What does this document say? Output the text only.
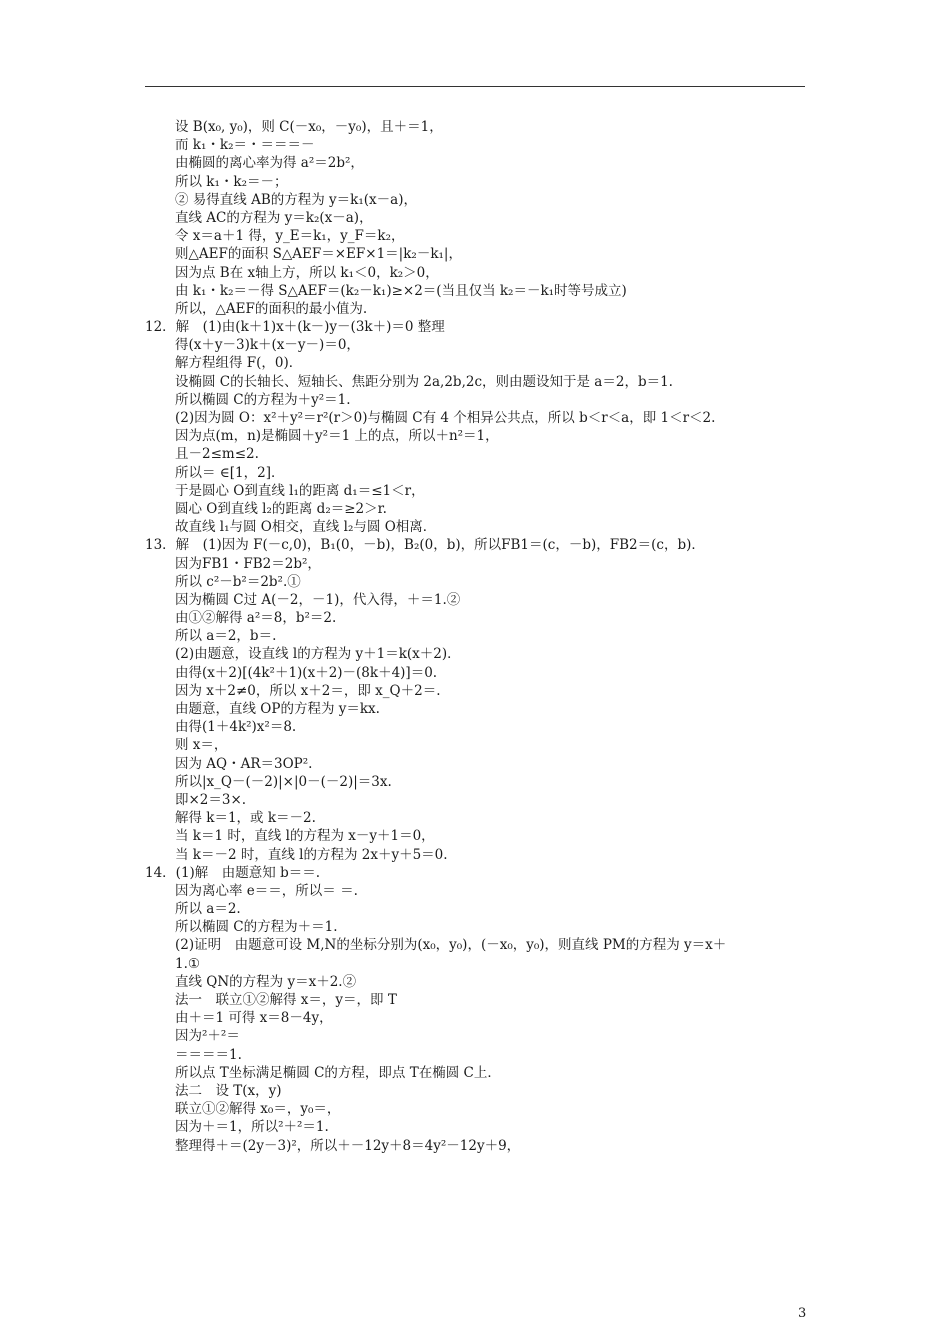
设 B(x₀, y₀)，则 C(－x₀，－y₀)，且＋＝1，
而 k₁・k₂＝・＝＝＝－
由椭圆的离心率为得 a²＝2b²，
所以 k₁・k₂＝－；
② 易得直线 AB的方程为 y＝k₁(x－a)，
直线 AC的方程为 y＝k₂(x－a)，
令 x＝a＋1 得，y_E＝k₁，y_F＝k₂，
则△AEF的面积 S△AEF＝×EF×1＝|k₂－k₁|，
因为点 B在 x轴上方，所以 k₁＜0，k₂＞0，
由 k₁・k₂＝－得 S△AEF＝(k₂－k₁)≥×2＝(当且仅当 k₂＝－k₁时等号成立)
所以，△AEF的面积的最小值为.
12．解　(1)由(k＋1)x＋(k－)y－(3k＋)＝0 整理
得(x＋y－3)k＋(x－y－)＝0，
解方程组得 F(，0)．
设椭圆 C的长轴长、短轴长、焦距分别为 2a,2b,2c，则由题设知于是 a＝2，b＝1.
所以椭圆 C的方程为＋y²＝1.
(2)因为圆 O：x²＋y²＝r²(r＞0)与椭圆 C有 4 个相异公共点，所以 b＜r＜a，即 1＜r＜2.
因为点(m，n)是椭圆＋y²＝1 上的点，所以＋n²＝1，
且－2≤m≤2.
所以＝ ∈[1，2]．
于是圆心 O到直线 l₁的距离 d₁＝≤1＜r，
圆心 O到直线 l₂的距离 d₂＝≥2＞r.
故直线 l₁与圆 O相交，直线 l₂与圆 O相离．
13．解　(1)因为 F(－c,0)，B₁(0，－b)，B₂(0，b)，所以FB1＝(c，－b)，FB2＝(c，b)．
因为FB1・FB2＝2b²，
所以 c²－b²＝2b².①
因为椭圆 C过 A(－2，－1)，代入得，＋＝1.②
由①②解得 a²＝8，b²＝2.
所以 a＝2，b＝.
(2)由题意，设直线 l的方程为 y＋1＝k(x＋2)．
由得(x＋2)[(4k²＋1)(x＋2)－(8k＋4)]＝0.
因为 x＋2≠0，所以 x＋2＝，即 x_Q＋2＝.
由题意，直线 OP的方程为 y＝kx.
由得(1＋4k²)x²＝8.
则 x＝，
因为 AQ・AR＝3OP².
所以|x_Q－(－2)|×|0－(－2)|＝3x.
即×2＝3×.
解得 k＝1，或 k＝－2.
当 k＝1 时，直线 l的方程为 x－y＋1＝0，
当 k＝－2 时，直线 l的方程为 2x＋y＋5＝0.
14．(1)解　由题意知 b＝＝.
因为离心率 e＝＝，所以＝ ＝.
所以 a＝2.
所以椭圆 C的方程为＋＝1.
(2)证明　由题意可设 M,N的坐标分别为(x₀，y₀)，(－x₀，y₀)，则直线 PM的方程为 y＝x＋
1.①
直线 QN的方程为 y＝x＋2.②
法一　联立①②解得 x＝，y＝，即 T
由＋＝1 可得 x＝8－4y，
因为²＋²＝
＝＝＝＝1.
所以点 T坐标满足椭圆 C的方程，即点 T在椭圆 C上．
法二　设 T(x，y)
联立①②解得 x₀＝，y₀＝，
因为＋＝1，所以²＋²＝1.
整理得＋＝(2y－3)²，所以＋－12y＋8＝4y²－12y＋9，
3
